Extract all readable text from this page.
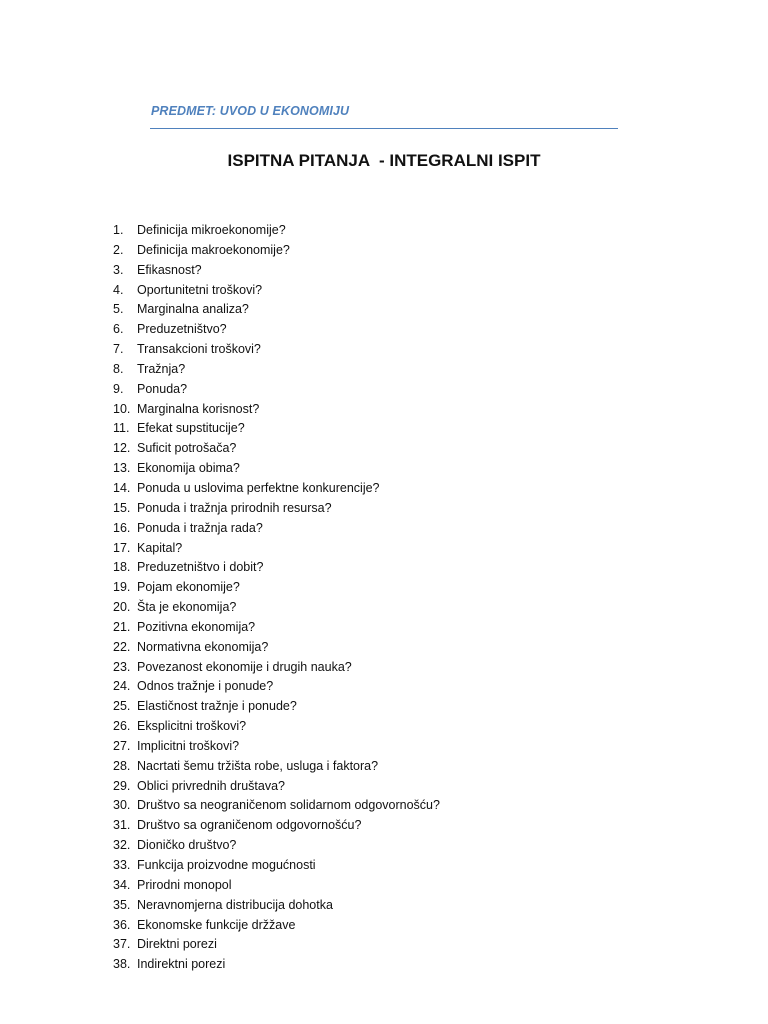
PREDMET: UVOD U EKONOMIJU
ISPITNA PITANJA  - INTEGRALNI ISPIT
1.	Definicija mikroekonomije?
2.	Definicija makroekonomije?
3.	Efikasnost?
4.	Oportunitetni troškovi?
5.	Marginalna analiza?
6.	Preduzetništvo?
7.	Transakcioni troškovi?
8.	Tražnja?
9.	Ponuda?
10. Marginalna korisnost?
11. Efekat supstitucije?
12. Suficit potrošača?
13. Ekonomija obima?
14. Ponuda u uslovima perfektne konkurencije?
15. Ponuda i tražnja prirodnih resursa?
16. Ponuda i tražnja rada?
17. Kapital?
18. Preduzetništvo i dobit?
19. Pojam ekonomije?
20. Šta je ekonomija?
21. Pozitivna ekonomija?
22. Normativna ekonomija?
23. Povezanost ekonomije i drugih nauka?
24. Odnos tražnje i ponude?
25. Elastičnost tražnje i ponude?
26. Eksplicitni troškovi?
27. Implicitni troškovi?
28. Nacrtati šemu tržišta robe, usluga i faktora?
29. Oblici privrednih društava?
30. Društvo sa neograničenom solidarnom odgovornošću?
31. Društvo sa ograničenom odgovornošću?
32. Dioničko društvo?
33. Funkcija proizvodne mogućnosti
34. Prirodni monopol
35. Neravnomjerna distribucija dohotka
36. Ekonomske funkcije držžave
37. Direktni porezi
38. Indirektni porezi
